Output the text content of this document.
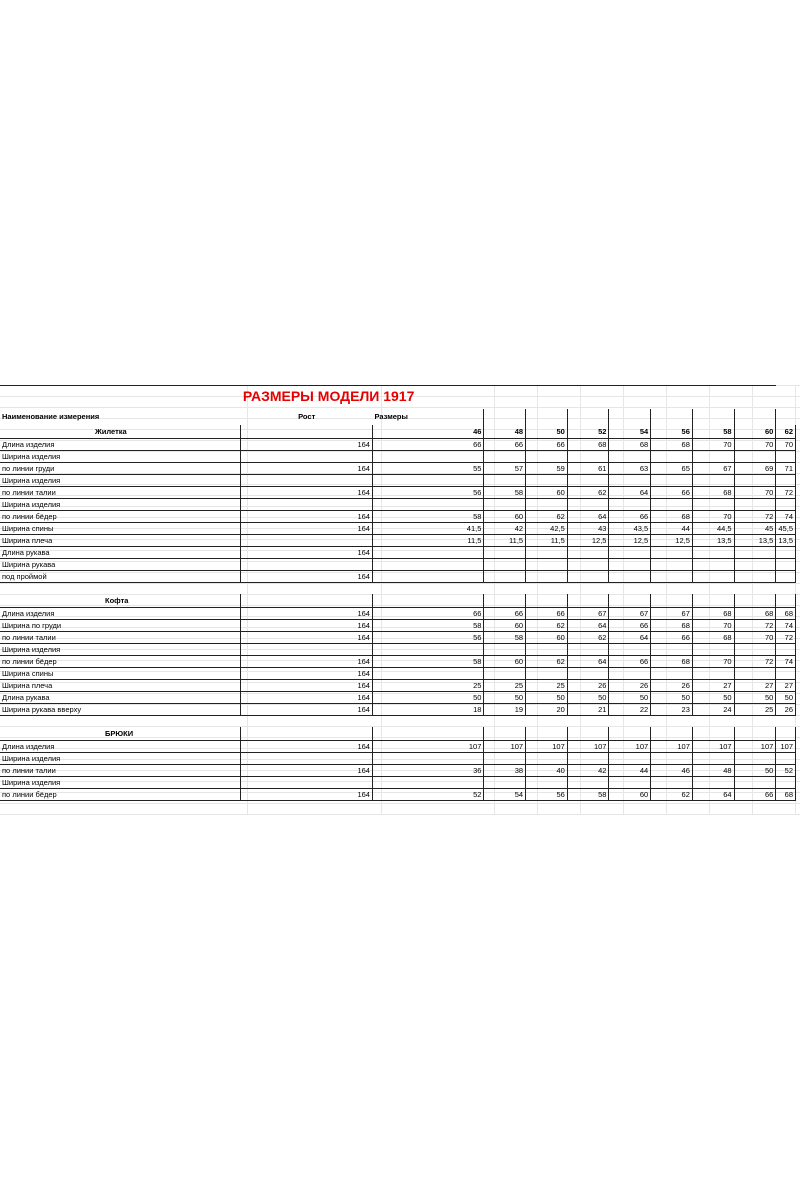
	РАЗМЕРЫ МОДЕЛИ 1917										
Наименование измерения	Рост	Размеры									
Жилетка		46	48	50	52	54	56	58	60	62	
Длина изделия	164	66	66	66	68	68	68	70	70	70	
Ширина изделия											
по линии груди	164	55	57	59	61	63	65	67	69	71	
Ширина изделия											
по линии талии	164	56	58	60	62	64	66	68	70	72	
Ширина изделия											
по линии бёдер	164	58	60	62	64	66	68	70	72	74	
Ширина спины	164	41,5	42	42,5	43	43,5	44	44,5	45	45,5	
Ширина плеча		11,5	11,5	11,5	12,5	12,5	12,5	13,5	13,5	13,5	
Длина рукава	164										
Ширина рукава											
под проймой	164										

Кофта											
Длина изделия	164	66	66	66	67	67	67	68	68	68	
Ширина по груди	164	58	60	62	64	66	68	70	72	74	
по линии талии	164	56	58	60	62	64	66	68	70	72	
Ширина изделия											
по линии бёдер	164	58	60	62	64	66	68	70	72	74	
Ширина спины	164										
Ширина плеча	164	25	25	25	26	26	26	27	27	27	
Длина рукава	164	50	50	50	50	50	50	50	50	50	
Ширина рукава вверху	164	18	19	20	21	22	23	24	25	26	

БРЮКИ											
Длина изделия	164	107	107	107	107	107	107	107	107	107	
Ширина изделия											
по линии талии	164	36	38	40	42	44	46	48	50	52	
Ширина изделия											
по линии бёдер	164	52	54	56	58	60	62	64	66	68	
